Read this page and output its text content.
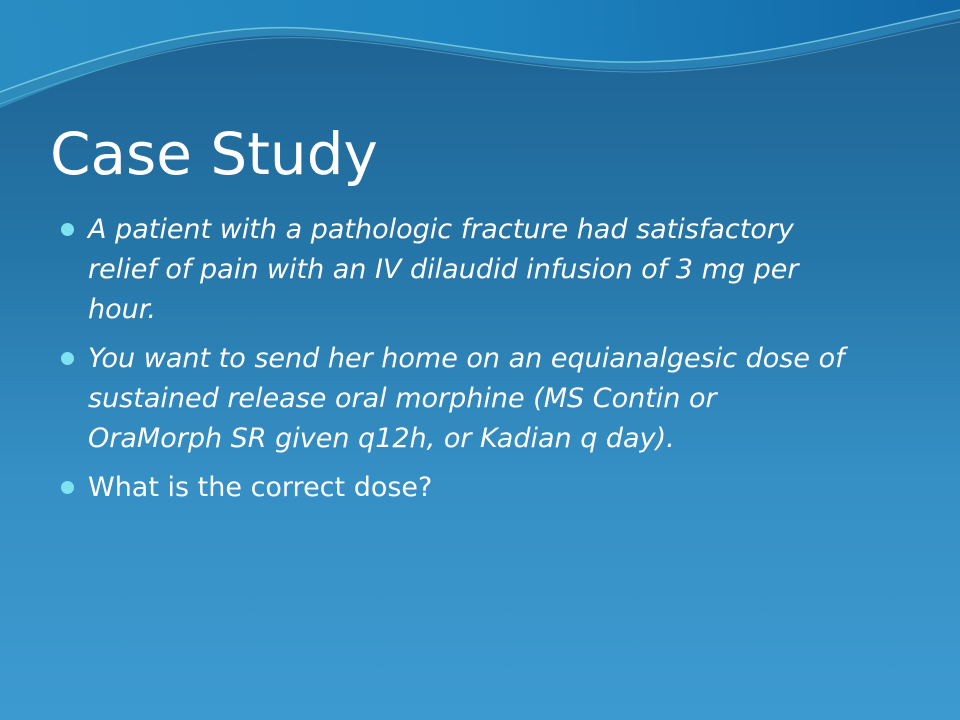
Case Study
A patient with a pathologic fracture had satisfactory relief of pain with an IV dilaudid infusion of 3 mg per hour.
You want to send her home on an equianalgesic dose of sustained release oral morphine (MS Contin or OraMorph SR given q12h, or Kadian q day).
What is the correct dose?
